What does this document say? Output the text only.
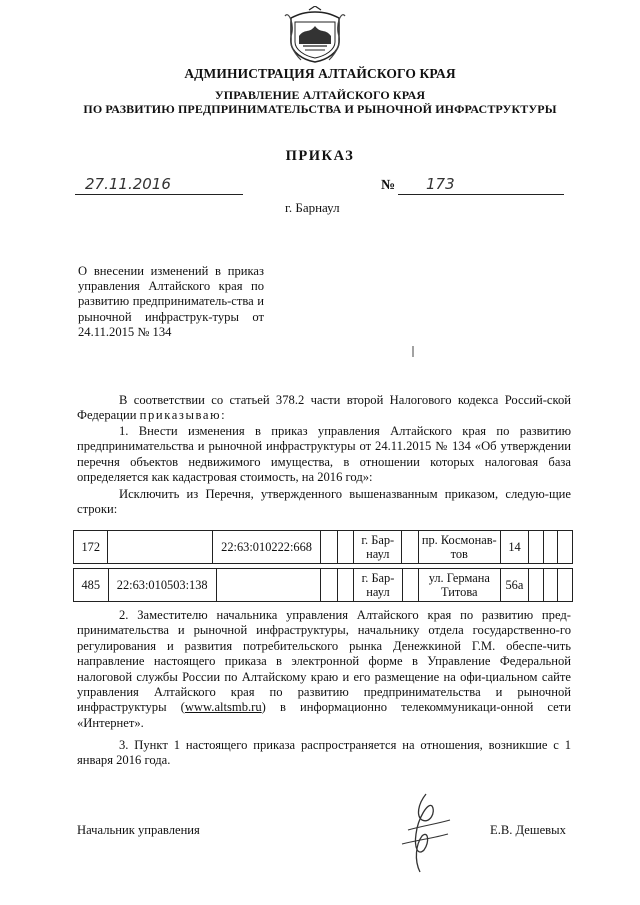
АДМИНИСТРАЦИЯ АЛТАЙСКОГО КРАЯ
УПРАВЛЕНИЕ АЛТАЙСКОГО КРАЯ
ПО РАЗВИТИЮ ПРЕДПРИНИМАТЕЛЬСТВА И РЫНОЧНОЙ ИНФРАСТРУКТУРЫ
ПРИКАЗ
27.11.2016	№	173
г. Барнаул
О внесении изменений в приказ управления Алтайского края по развитию предприниматель-ства и рыночной инфраструк-туры от 24.11.2015 № 134
В соответствии со статьей 378.2 части второй Налогового кодекса Россий-ской Федерации приказываю:
1. Внести изменения в приказ управления Алтайского края по развитию предпринимательства и рыночной инфраструктуры от 24.11.2015 № 134 «Об утверждении перечня объектов недвижимого имущества, в отношении которых налоговая база определяется как кадастровая стоимость, на 2016 год»:
Исключить из Перечня, утвержденного вышеназванным приказом, следую-щие строки:
172		22:63:010222:668			г. Бар-наул		пр. Космонав-тов	14			
485	22:63:010503:138				г. Бар-наул		ул. Германа Титова	56а			
2. Заместителю начальника управления Алтайского края по развитию пред-принимательства и рыночной инфраструктуры, начальнику отдела государственно-го регулирования и развития потребительского рынка Денежкиной Г.М. обеспе-чить направление настоящего приказа в электронной форме в Управление Федеральной налоговой службы России по Алтайскому краю и его размещение на офи-циальном сайте управления Алтайского края по развитию предпринимательства и рыночной инфраструктуры (www.altsmb.ru) в информационно телекоммуникаци-онной сети «Интернет».
3. Пункт 1 настоящего приказа распространяется на отношения, возникшие с 1 января 2016 года.
Начальник управления	Е.В. Дешевых
